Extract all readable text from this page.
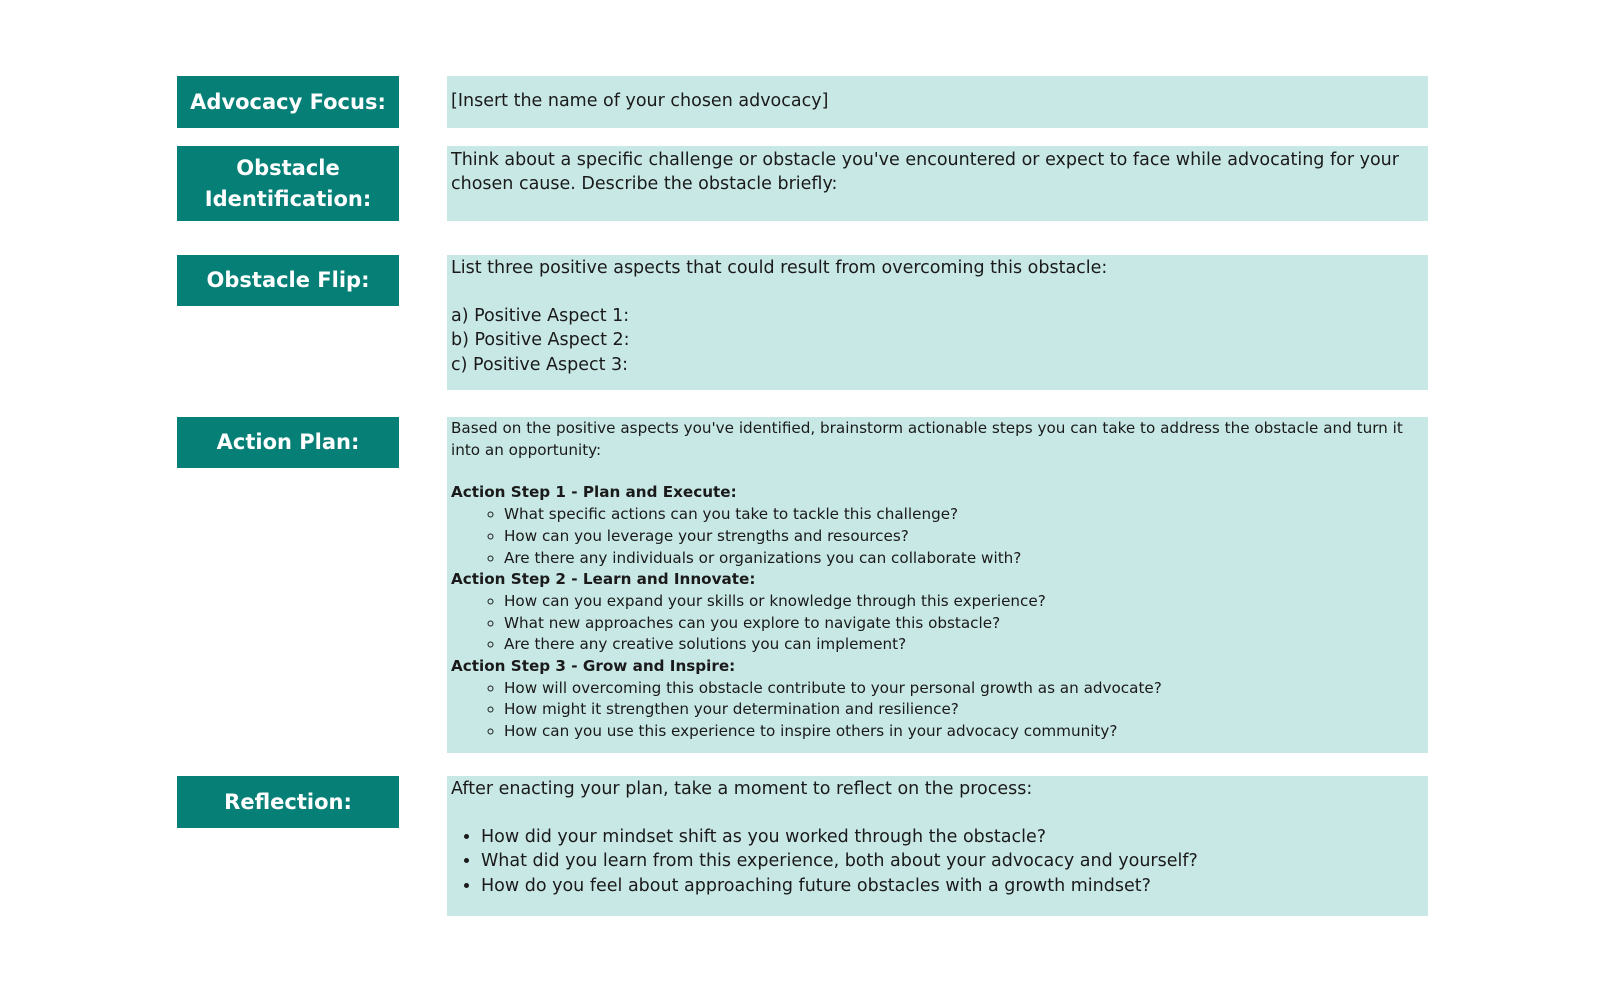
Advocacy Focus:	[Insert the name of your chosen advocacy]

Obstacle Identification:

Think about a specific challenge or obstacle you've encountered or expect to face while advocating for your chosen cause. Describe the obstacle briefly:

Obstacle Flip:	List three positive aspects that could result from overcoming this obstacle:

a) Positive Aspect 1:

b) Positive Aspect 2:

c) Positive Aspect 3:

Action Plan:

Based on the positive aspects you've identified, brainstorm actionable steps you can take to address the obstacle and turn it into an opportunity:

Action Step 1 - Plan and Execute:

◦ What specific actions can you take to tackle this challenge?
◦ How can you leverage your strengths and resources?
◦ Are there any individuals or organizations you can collaborate with?

Action Step 2 - Learn and Innovate:

◦ How can you expand your skills or knowledge through this experience?
◦ What new approaches can you explore to navigate this obstacle?
◦ Are there any creative solutions you can implement?

Action Step 3 - Grow and Inspire:

◦ How will overcoming this obstacle contribute to your personal growth as an advocate?
◦ How might it strengthen your determination and resilience?
◦ How can you use this experience to inspire others in your advocacy community?
Reflection:

After enacting your plan, take a moment to reflect on the process:

• How did your mindset shift as you worked through the obstacle?
• What did you learn from this experience, both about your advocacy and yourself?
• How do you feel about approaching future obstacles with a growth mindset?
